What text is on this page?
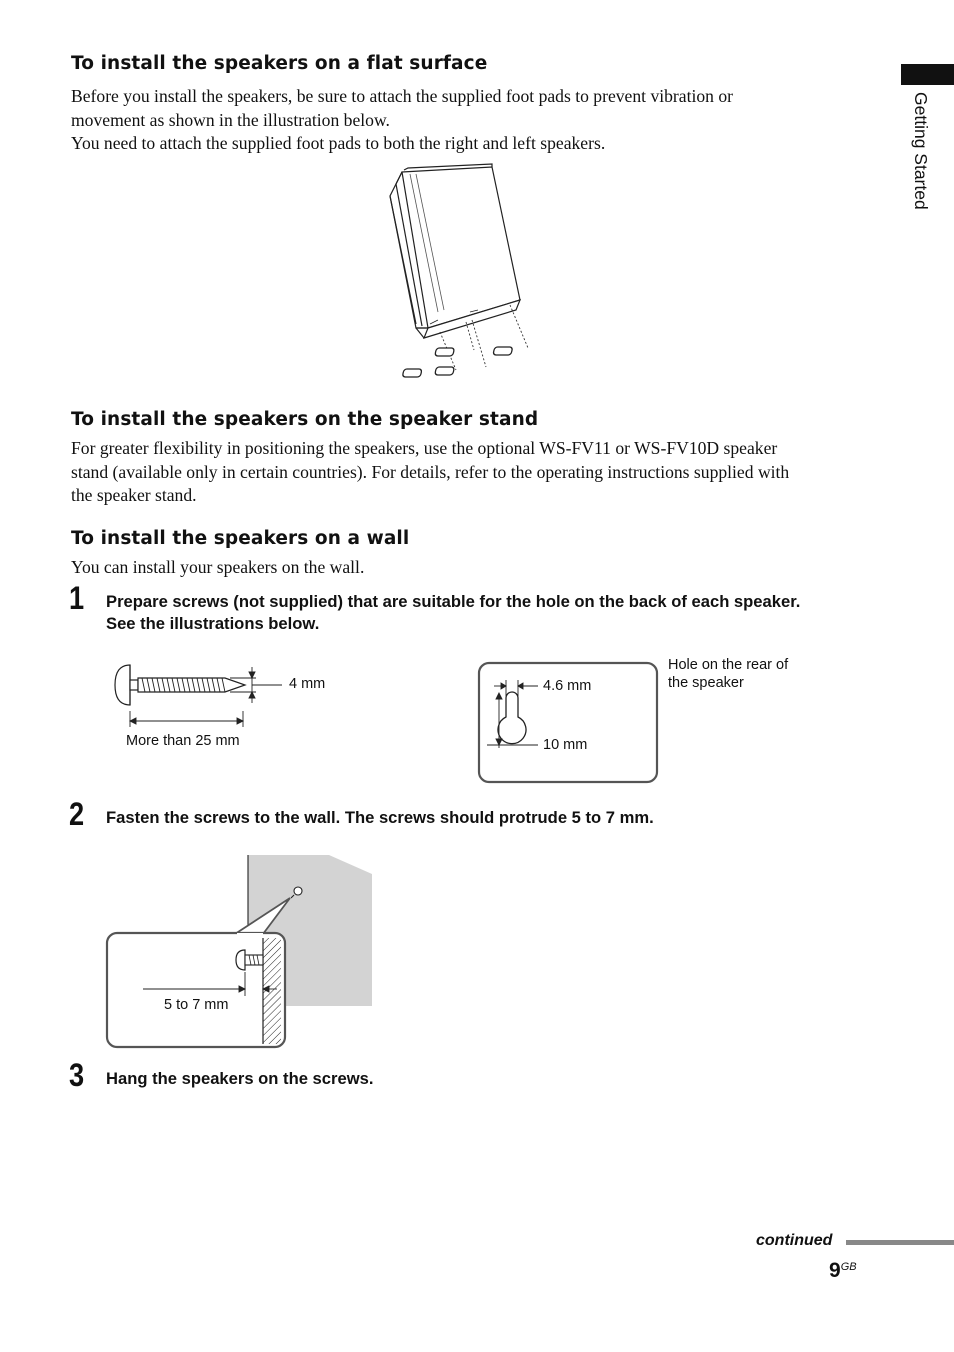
Getting Started
To install the speakers on a flat surface
Before you install the speakers, be sure to attach the supplied foot pads to prevent vibration or
movement as shown in the illustration below.
You need to attach the supplied foot pads to both the right and left speakers.
To install the speakers on the speaker stand
For greater flexibility in positioning the speakers, use the optional WS-FV11 or WS-FV10D speaker
stand (available only in certain countries). For details, refer to the operating instructions supplied with
the speaker stand.
To install the speakers on a wall
You can install your speakers on the wall.
1 Prepare screws (not supplied) that are suitable for the hole on the back of each speaker.
See the illustrations below.
4 mm
More than 25 mm
4.6 mm
10 mm
Hole on the rear of
the speaker
2 Fasten the screws to the wall. The screws should protrude 5 to 7 mm.
5 to 7 mm
3 Hang the speakers on the screws.
continued
$9^{GB}$
